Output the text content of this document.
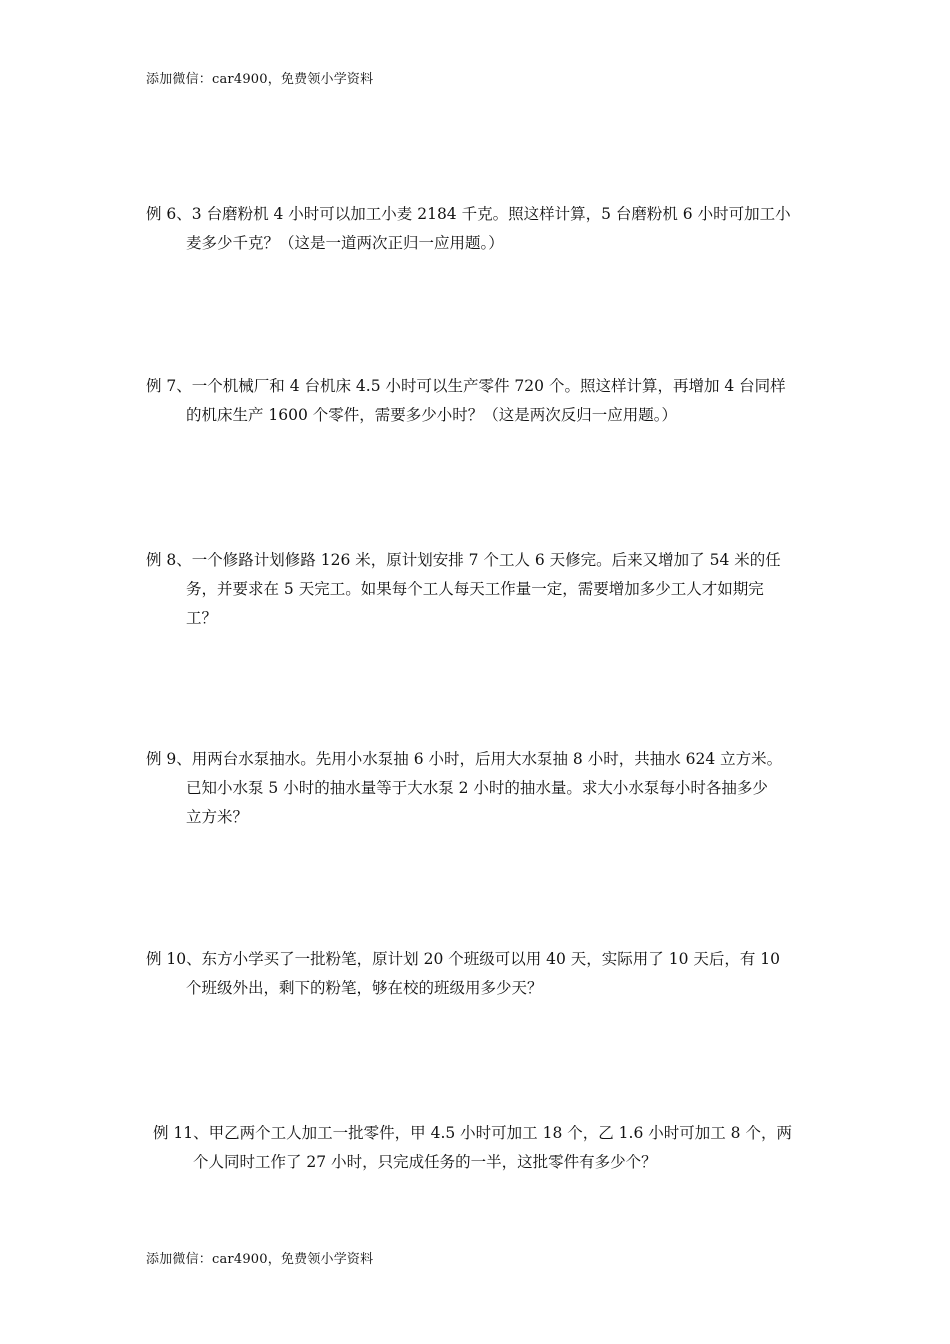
添加微信：car4900，免费领小学资料
例 6、3 台磨粉机 4 小时可以加工小麦 2184 千克。照这样计算，5 台磨粉机 6 小时可加工小
麦多少千克？（这是一道两次正归一应用题。）
例 7、一个机械厂和 4 台机床 4.5 小时可以生产零件 720 个。照这样计算，再增加 4 台同样
的机床生产 1600 个零件，需要多少小时？（这是两次反归一应用题。）
例 8、一个修路计划修路 126 米，原计划安排 7 个工人 6 天修完。后来又增加了 54 米的任
务，并要求在 5 天完工。如果每个工人每天工作量一定，需要增加多少工人才如期完
工？
例 9、用两台水泵抽水。先用小水泵抽 6 小时，后用大水泵抽 8 小时，共抽水 624 立方米。
已知小水泵 5 小时的抽水量等于大水泵 2 小时的抽水量。求大小水泵每小时各抽多少
立方米？
例 10、东方小学买了一批粉笔，原计划 20 个班级可以用 40 天，实际用了 10 天后，有 10
个班级外出，剩下的粉笔，够在校的班级用多少天？
例 11、甲乙两个工人加工一批零件，甲 4.5 小时可加工 18 个，乙 1.6 小时可加工 8 个，两
个人同时工作了 27 小时，只完成任务的一半，这批零件有多少个？
添加微信：car4900，免费领小学资料
